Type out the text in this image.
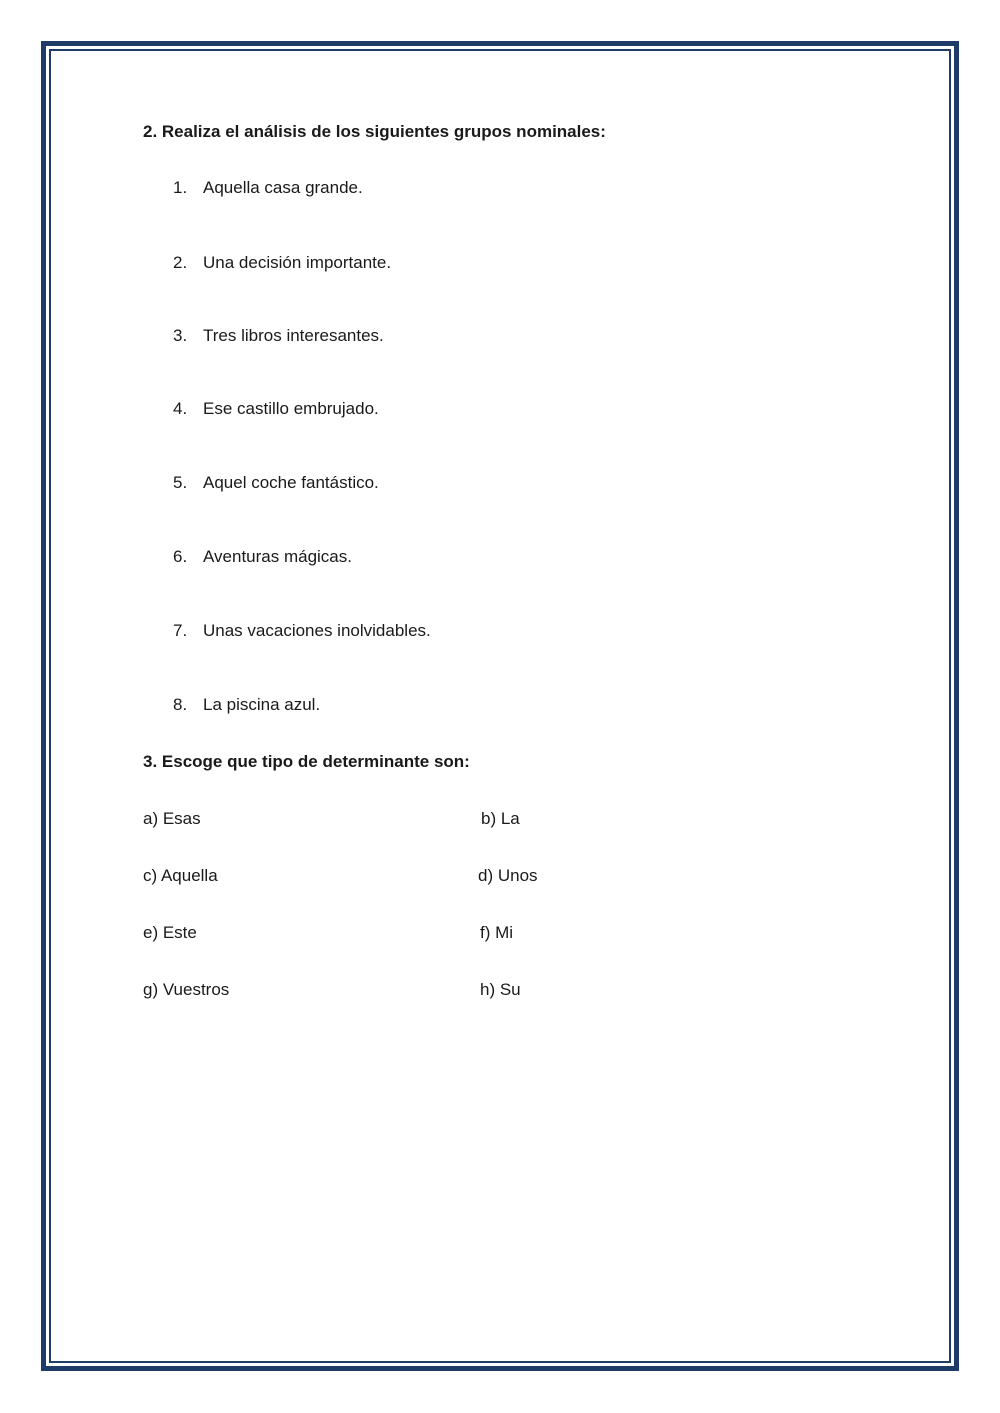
2. Realiza el análisis de los siguientes grupos nominales:
1. Aquella casa grande.
2. Una decisión importante.
3. Tres libros interesantes.
4. Ese castillo embrujado.
5. Aquel coche fantástico.
6. Aventuras mágicas.
7. Unas vacaciones inolvidables.
8. La piscina azul.
3. Escoge que tipo de determinante son:
a) Esas	b) La
c) Aquella	d) Unos
e) Este	f) Mi
g) Vuestros	h) Su
